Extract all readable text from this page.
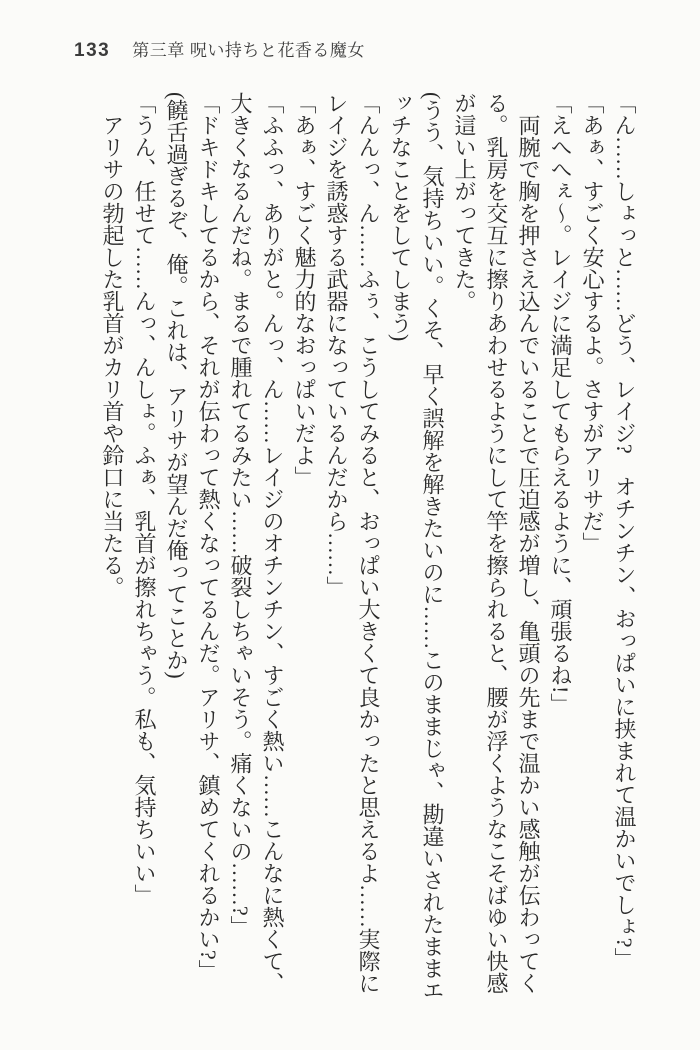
133 第三章 呪い持ちと花香る魔女

「ん……しょっと……どう、レイジ?　オチンチン、おっぱいに挟まれて温かいでしょ?」

「あぁ、すごく安心するよ。さすがアリサだ」

「えへへぇ〜。レイジに満足してもらえるように、頑張るね!」

両腕で胸を押さえ込んでいることで圧迫感が増し、亀頭の先まで温かい感触が伝わってくる。乳房を交互に擦りあわせるようにして竿を擦られると、腰が浮くようなこそばゆい快感が這い上がってきた。

(うう、気持ちいい。くそ、早く誤解を解きたいのに……このままじゃ、勘違いされたままエッチなことをしてしまう)

「んんっ、ん……ふぅ、こうしてみると、おっぱい大きくて良かったと思えるよ……実際にレイジを誘惑する武器になっているんだから……」

「あぁ、すごく魅力的なおっぱいだよ」

「ふふっ、ありがと。んっ、ん……レイジのオチンチン、すごく熱い……こんなに熱くて、大きくなるんだね。まるで腫れてるみたい……破裂しちゃいそう。痛くないの……?」

「ドキドキしてるから、それが伝わって熱くなってるんだ。アリサ、鎮めてくれるかい?」

(饒舌過ぎるぞ、俺。これは、アリサが望んだ俺ってことか)

「うん、任せて……んっ、んしょ。ふぁ、乳首が擦れちゃう。私も、気持ちいい」

アリサの勃起した乳首がカリ首や鈴口に当たる。
